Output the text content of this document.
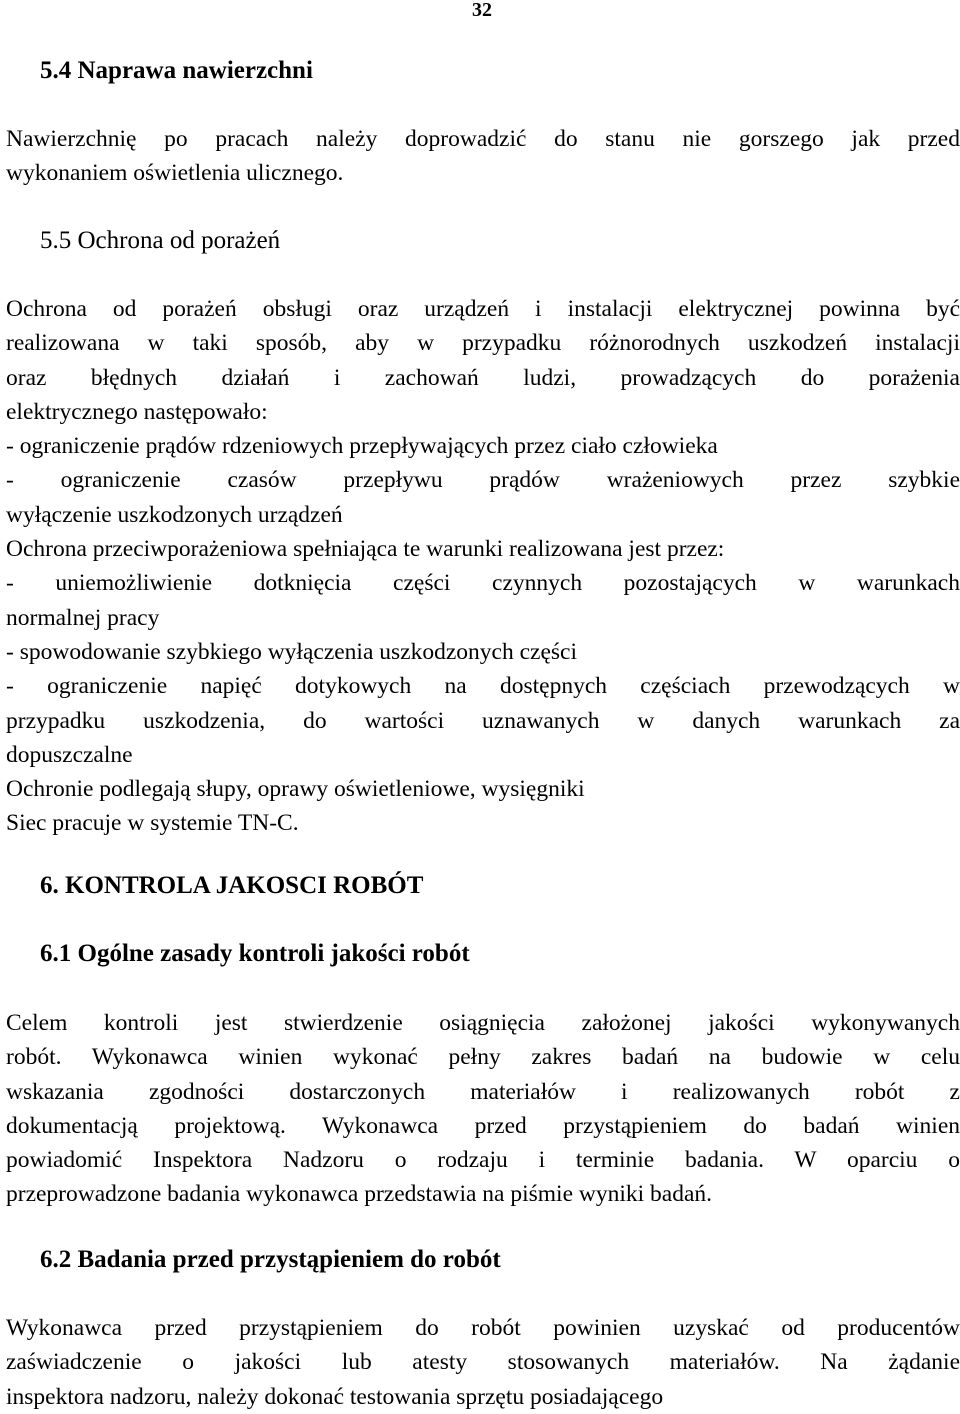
32
5.4 Naprawa nawierzchni

Nawierzchnię po pracach należy doprowadzić do stanu nie gorszego jak przed
wykonaniem oświetlenia ulicznego.

5.5 Ochrona od porażeń

Ochrona od porażeń obsługi oraz urządzeń i instalacji elektrycznej powinna być
realizowana w taki sposób, aby w przypadku różnorodnych uszkodzeń instalacji
oraz błędnych działań i zachowań ludzi, prowadzących do porażenia
elektrycznego następowało:
- ograniczenie prądów rdzeniowych przepływających przez ciało człowieka
- ograniczenie czasów przepływu prądów wrażeniowych przez szybkie
wyłączenie uszkodzonych urządzeń
Ochrona przeciwporażeniowa spełniająca te warunki realizowana jest przez:
- uniemożliwienie dotknięcia części czynnych pozostających w warunkach
normalnej pracy
- spowodowanie szybkiego wyłączenia uszkodzonych części
- ograniczenie napięć dotykowych na dostępnych częściach przewodzących w
przypadku uszkodzenia, do wartości uznawanych w danych warunkach za
dopuszczalne
Ochronie podlegają słupy, oprawy oświetleniowe, wysięgniki
Siec pracuje w systemie TN-C.

6. KONTROLA JAKOSCI ROBÓT
6.1 Ogólne zasady kontroli jakości robót

Celem kontroli jest stwierdzenie osiągnięcia założonej jakości wykonywanych
robót. Wykonawca winien wykonać pełny zakres badań na budowie w celu
wskazania zgodności dostarczonych materiałów i realizowanych robót z
dokumentacją projektową. Wykonawca przed przystąpieniem do badań winien
powiadomić Inspektora Nadzoru o rodzaju i terminie badania. W oparciu o
przeprowadzone badania wykonawca przedstawia na piśmie wyniki badań.

6.2 Badania przed przystąpieniem do robót

Wykonawca przed przystąpieniem do robót powinien uzyskać od producentów
zaświadczenie o jakości lub atesty stosowanych materiałów. Na żądanie
inspektora nadzoru, należy dokonać testowania sprzętu posiadającego
